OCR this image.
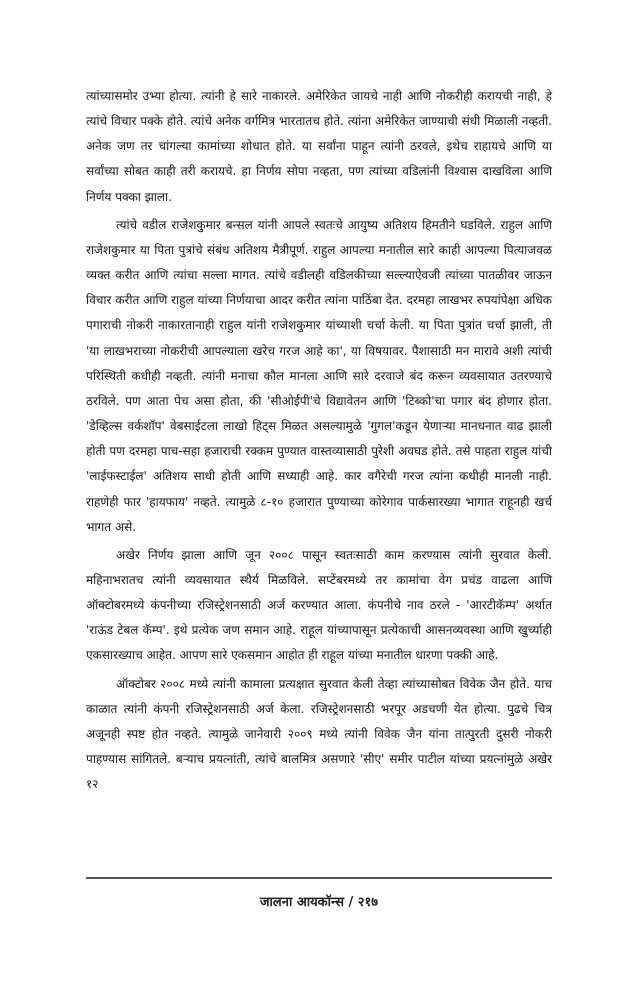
त्यांच्यासमोर उभ्या होत्या. त्यांनी हे सारे नाकारले. अमेरिकेत जायचे नाही आणि नोकरीही करायची नाही, हे त्यांचे विचार पक्के होते. त्यांचे अनेक वर्गमित्र भारतातच होते. त्यांना अमेरिकेत जाण्याची संधी मिळाली नव्हती. अनेक जण तर चांगल्या कामांच्या शोधात होते. या सर्वांना पाहून त्यांनी ठरवले, इथेच राहायचे आणि या सर्वांच्या सोबत काही तरी करायचे. हा निर्णय सोपा नव्हता, पण त्यांच्या वडिलांनी विश्वास दाखविला आणि निर्णय पक्का झाला.

त्यांचे वडील राजेशकुमार बन्सल यांनी आपले स्वतःचे आयुष्य अतिशय हिमतीने घडविले. राहुल आणि राजेशकुमार या पिता पुत्रांचे संबंध अतिशय मैत्रीपूर्ण. राहुल आपल्या मनातील सारे काही आपल्या पित्याजवळ व्यक्त करीत आणि त्यांचा सल्ला मागत. त्यांचे वडीलही वडिलकीच्या सल्ल्याऐवजी त्यांच्या पातळीवर जाऊन विचार करीत आणि राहुल यांच्या निर्णयाचा आदर करीत त्यांना पाठिंबा देत. दरमहा लाखभर रुपयांपेक्षा अधिक पगाराची नोकरी नाकारतानाही राहुल यांनी राजेशकुमार यांच्याशी चर्चा केली. या पिता पुत्रांत चर्चा झाली, ती 'या लाखभराच्या नोकरीची आपल्याला खरेच गरज आहे का', या विषयावर. पैशासाठी मन मारावे अशी त्यांची परिस्थिती कधीही नव्हती. त्यांनी मनाचा कौल मानला आणि सारे दरवाजे बंद करून व्यवसायात उतरण्याचे ठरविले. पण आता पेच असा होता, की 'सीओईपी'चे विद्यावेतन आणि 'टिब्को'चा पगार बंद होणार होता. 'डेव्हिल्स वर्कशॉप' वेबसाईटला लाखो हिट्स मिळत असल्यामुळे 'गुगल'कडून येणाऱ्या मानधनात वाढ झाली होती पण दरमहा पाच-सहा हजाराची रक्कम पुण्यात वास्तव्यासाठी पुरेशी अवघड होते. तसे पाहता राहुल यांची 'लाईफस्टाईल' अतिशय साधी होती आणि सध्याही आहे. कार वगैरेची गरज त्यांना कधीही मानली नाही. राहणेही फार 'हायफाय' नव्हते. त्यामुळे ८-१० हजारात पुण्याच्या कोरेगाव पार्कसारख्या भागात राहूनही खर्च भागत असे.

अखेर निर्णय झाला आणि जून २००८ पासून स्वतःसाठी काम करण्यास त्यांनी सुरवात केली. महिनाभरातच त्यांनी व्यवसायात स्थैर्य मिळविले. सप्टेंबरमध्ये तर कामांचा वेग प्रचंड वाढला आणि ऑक्टोबरमध्ये कंपनीच्या रजिस्ट्रेशनसाठी अर्ज करण्यात आला. कंपनीचे नाव ठरले - 'आरटीकॅम्प' अर्थात 'राऊंड टेबल कॅम्प'. इथे प्रत्येक जण समान आहे. राहूल यांच्यापासून प्रत्येकाची आसनव्यवस्था आणि खुर्च्याही एकसारख्याच आहेत. आपण सारे एकसमान आहोत ही राहूल यांच्या मनातील धारणा पक्की आहे.

ऑक्टोबर २००८ मध्ये त्यांनी कामाला प्रत्यक्षात सुरवात केली तेव्हा त्यांच्यासोबत विवेक जैन होते. याच काळात त्यांनी कंपनी रजिस्ट्रेशनसाठी अर्ज केला. रजिस्ट्रेशनसाठी भरपूर अडचणी येत होत्या. पुढचे चित्र अजूनही स्पष्ट होत नव्हते. त्यामुळे जानेवारी २००९ मध्ये त्यांनी विवेक जैन यांना तात्पुरती दुसरी नोकरी पाहण्यास सांगितले. बऱ्याच प्रयत्नांती, त्यांचे बालमित्र असणारे 'सीए' समीर पाटील यांच्या प्रयत्नांमुळे अखेर १२

जालना आयकॉन्स / २१७
